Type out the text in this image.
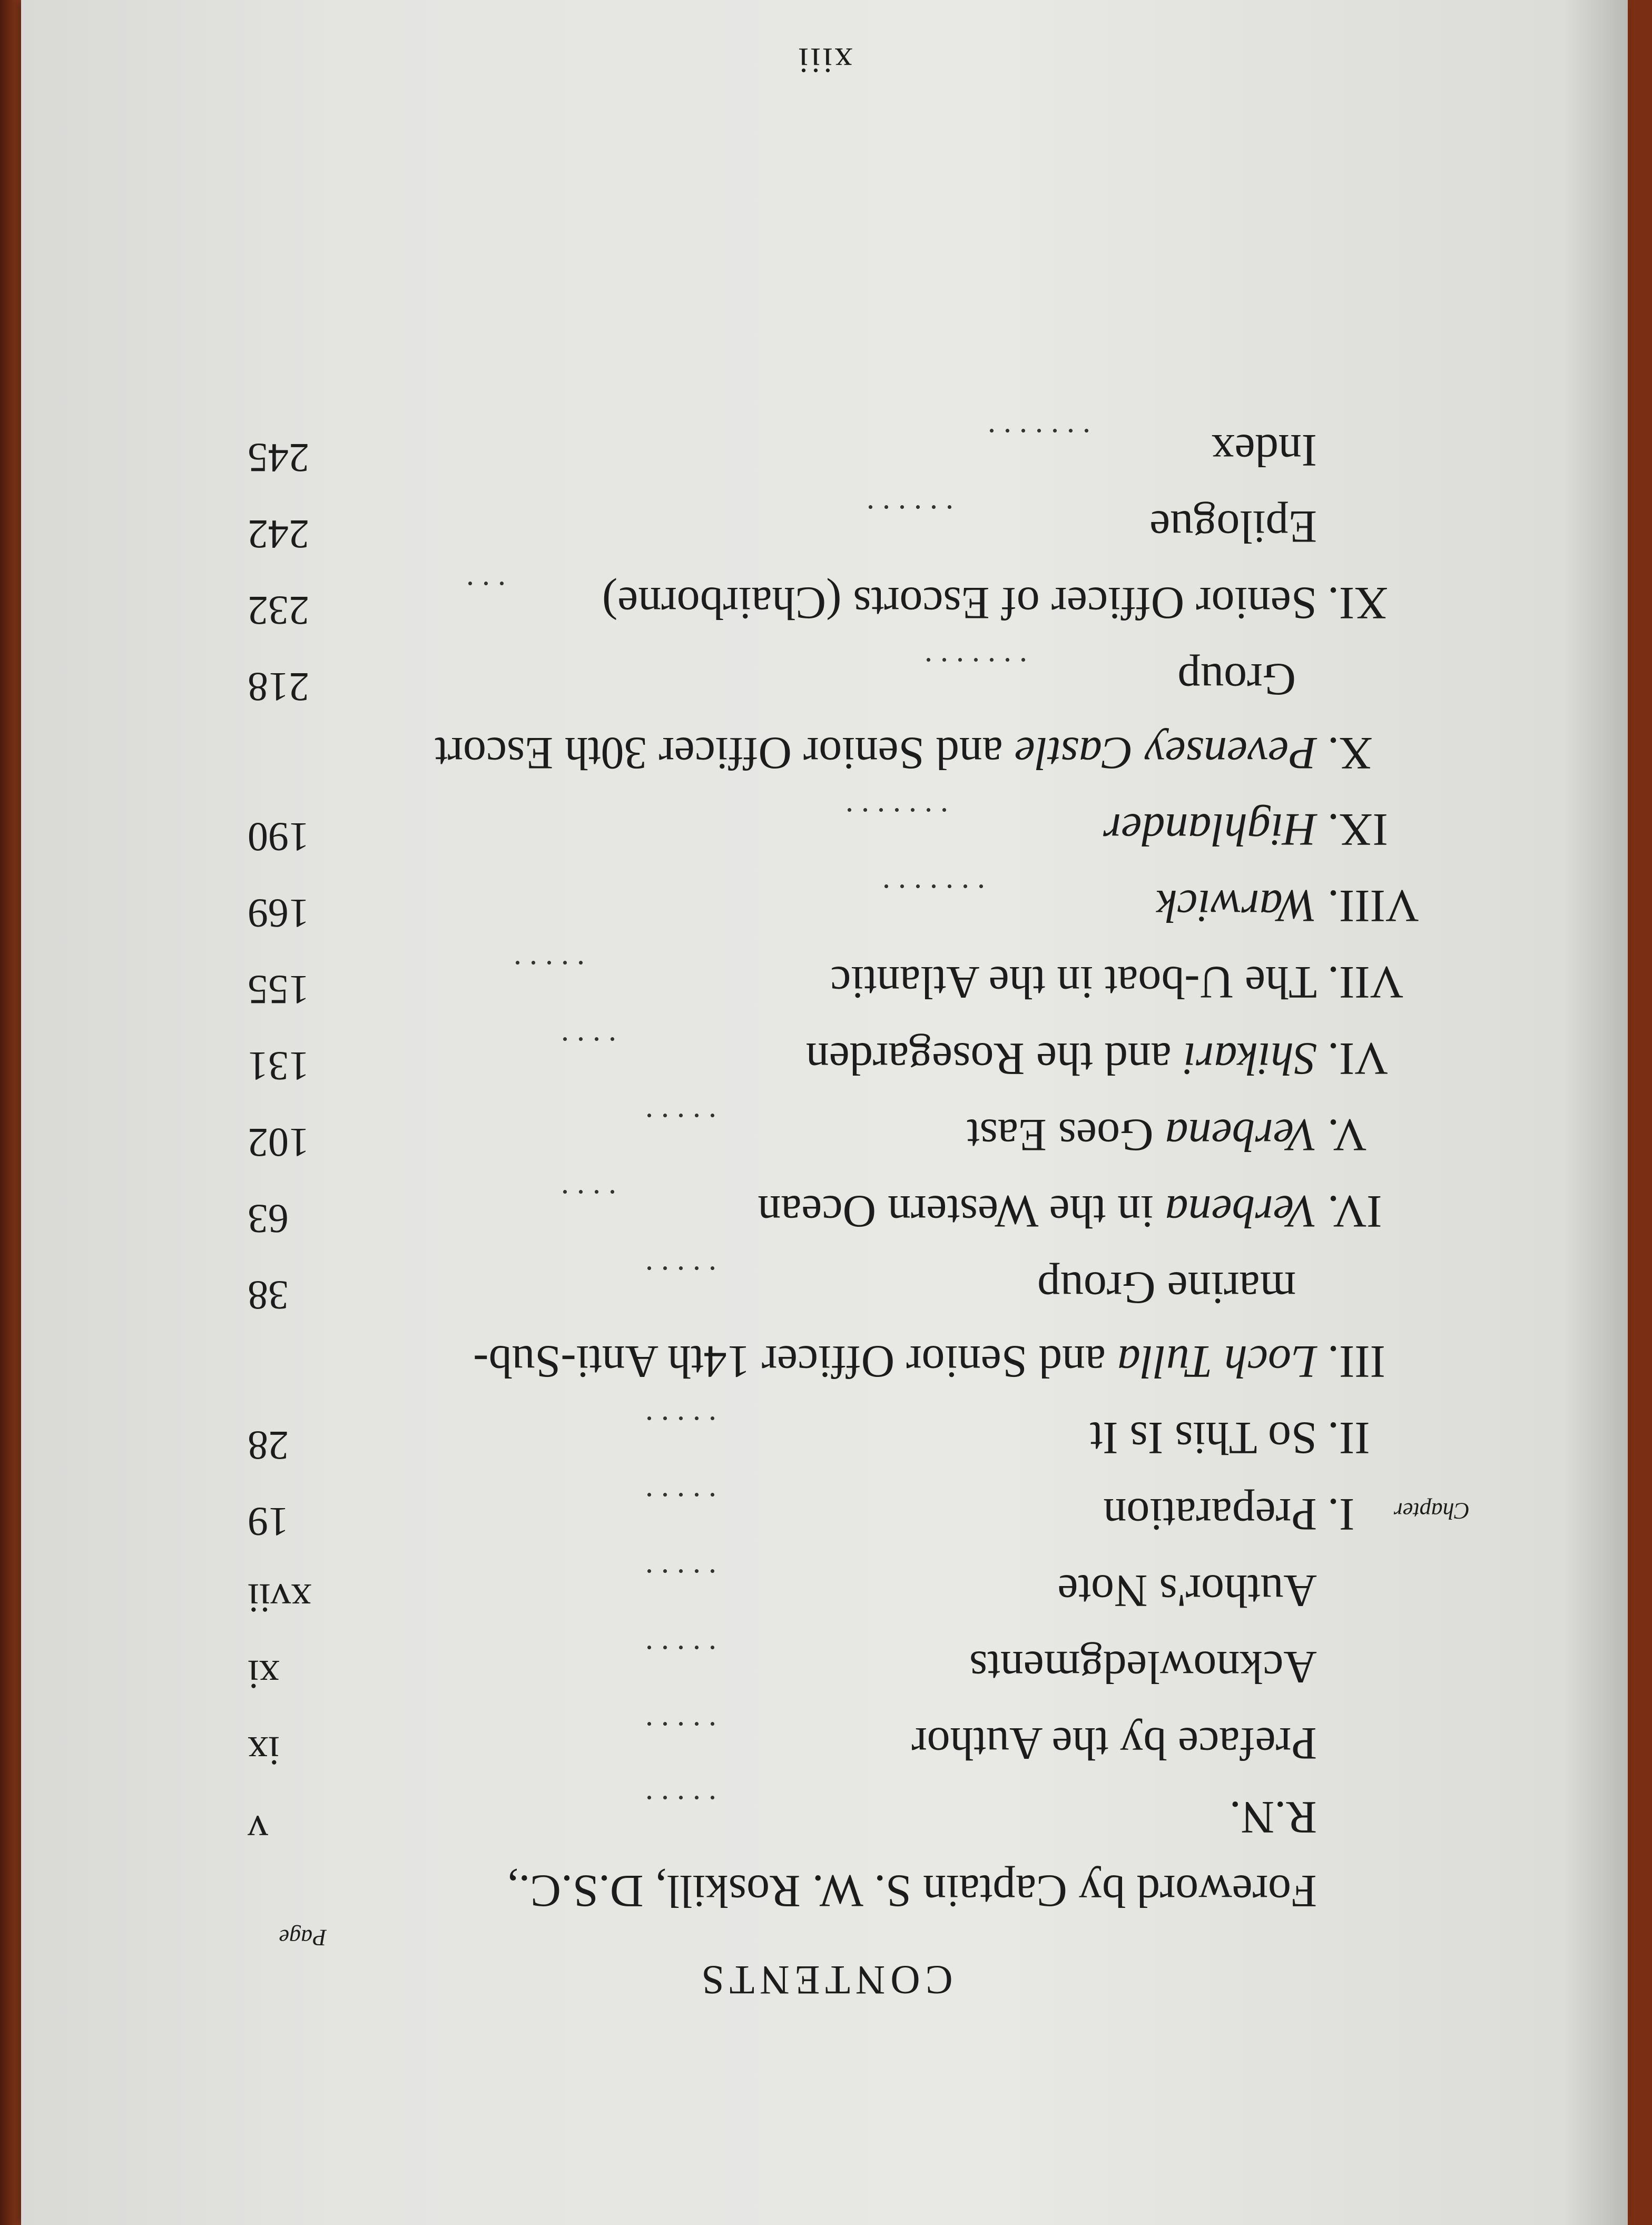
CONTENTS
Page
Chapter
Foreword by Captain S. W. Roskill, D.S.C.,
R.N.
. . . . .
v
Preface by the Author
. . . . .
ix
Acknowledgments
. . . . .
xi
Author's Note
. . . . .
xvii
I.
Preparation
. . . . .
19
II.
So This Is It
. . . . .
28
III.
Loch Tulla and Senior Officer 14th Anti-Sub-
marine Group
. . . . .
38
IV.
Verbena in the Western Ocean
. . . .
63
V.
Verbena Goes East
. . . . .
102
VI.
Shikari and the Rosegarden
. . . .
131
VII.
The U-boat in the Atlantic
. . . . .
155
VIII.
Warwick
. . . . . . .
169
IX.
Highlander
. . . . . . .
190
X.
Pevensey Castle and Senior Officer 30th Escort
Group
. . . . . . .
218
XI.
Senior Officer of Escorts (Chairborne)
. . .
232
Epilogue
. . . . . .
242
Index
. . . . . . .
245
xiii
